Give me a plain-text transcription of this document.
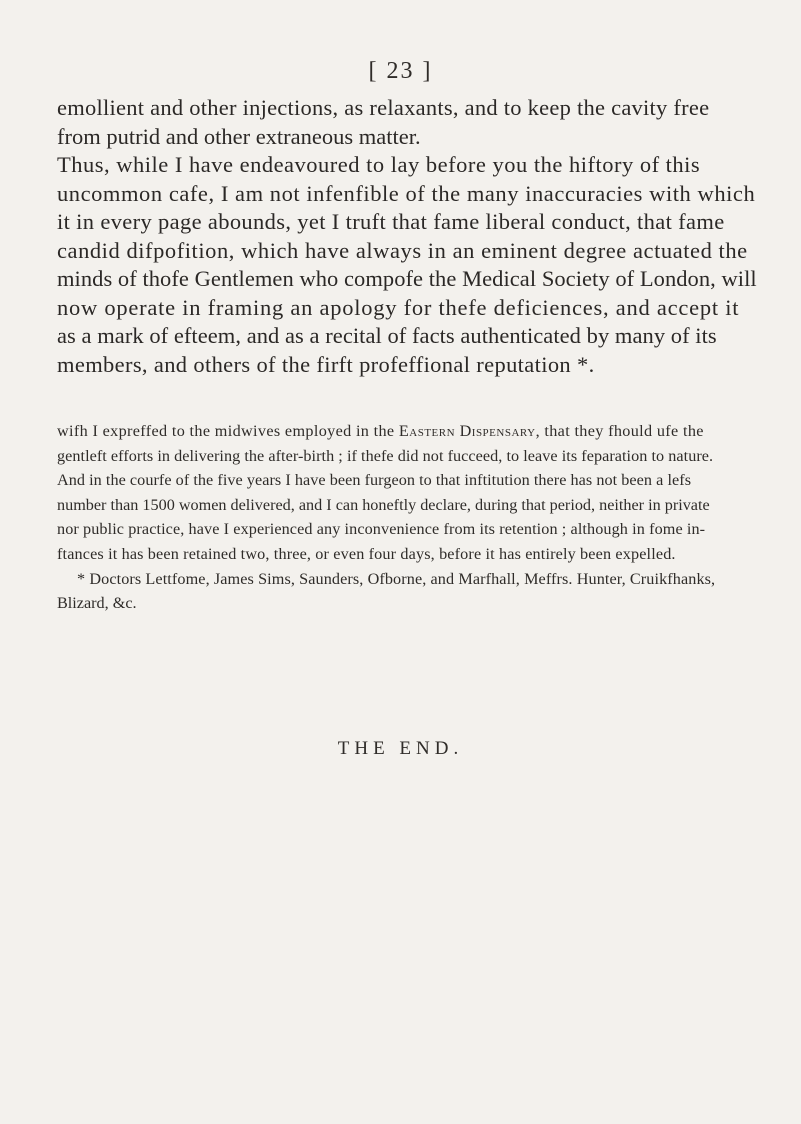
[ 23 ]
emollient and other injections, as relaxants, and to keep the cavity free
from putrid and other extraneous matter.
Thus, while I have endeavoured to lay before you the hiftory of this
uncommon cafe, I am not infenfible of the many inaccuracies with which
it in every page abounds, yet I truft that fame liberal conduct, that fame
candid difpofition, which have always in an eminent degree actuated the
minds of thofe Gentlemen who compofe the Medical Society of London, will
now operate in framing an apology for thefe deficiences, and accept it
as a mark of efteem, and as a recital of facts authenticated by many of its
members, and others of the firft profeffional reputation *.
wifh I expreffed to the midwives employed in the Eastern Dispensary, that they fhould ufe the
gentleft efforts in delivering the after-birth ; if thefe did not fucceed, to leave its feparation to nature.
And in the courfe of the five years I have been furgeon to that inftitution there has not been a lefs
number than 1500 women delivered, and I can honeftly declare, during that period, neither in private
nor public practice, have I experienced any inconvenience from its retention ; although in fome in-
ftances it has been retained two, three, or even four days, before it has entirely been expelled.
* Doctors Lettfome, James Sims, Saunders, Ofborne, and Marfhall, Meffrs. Hunter, Cruikfhanks,
Blizard, &c.
THE END.
